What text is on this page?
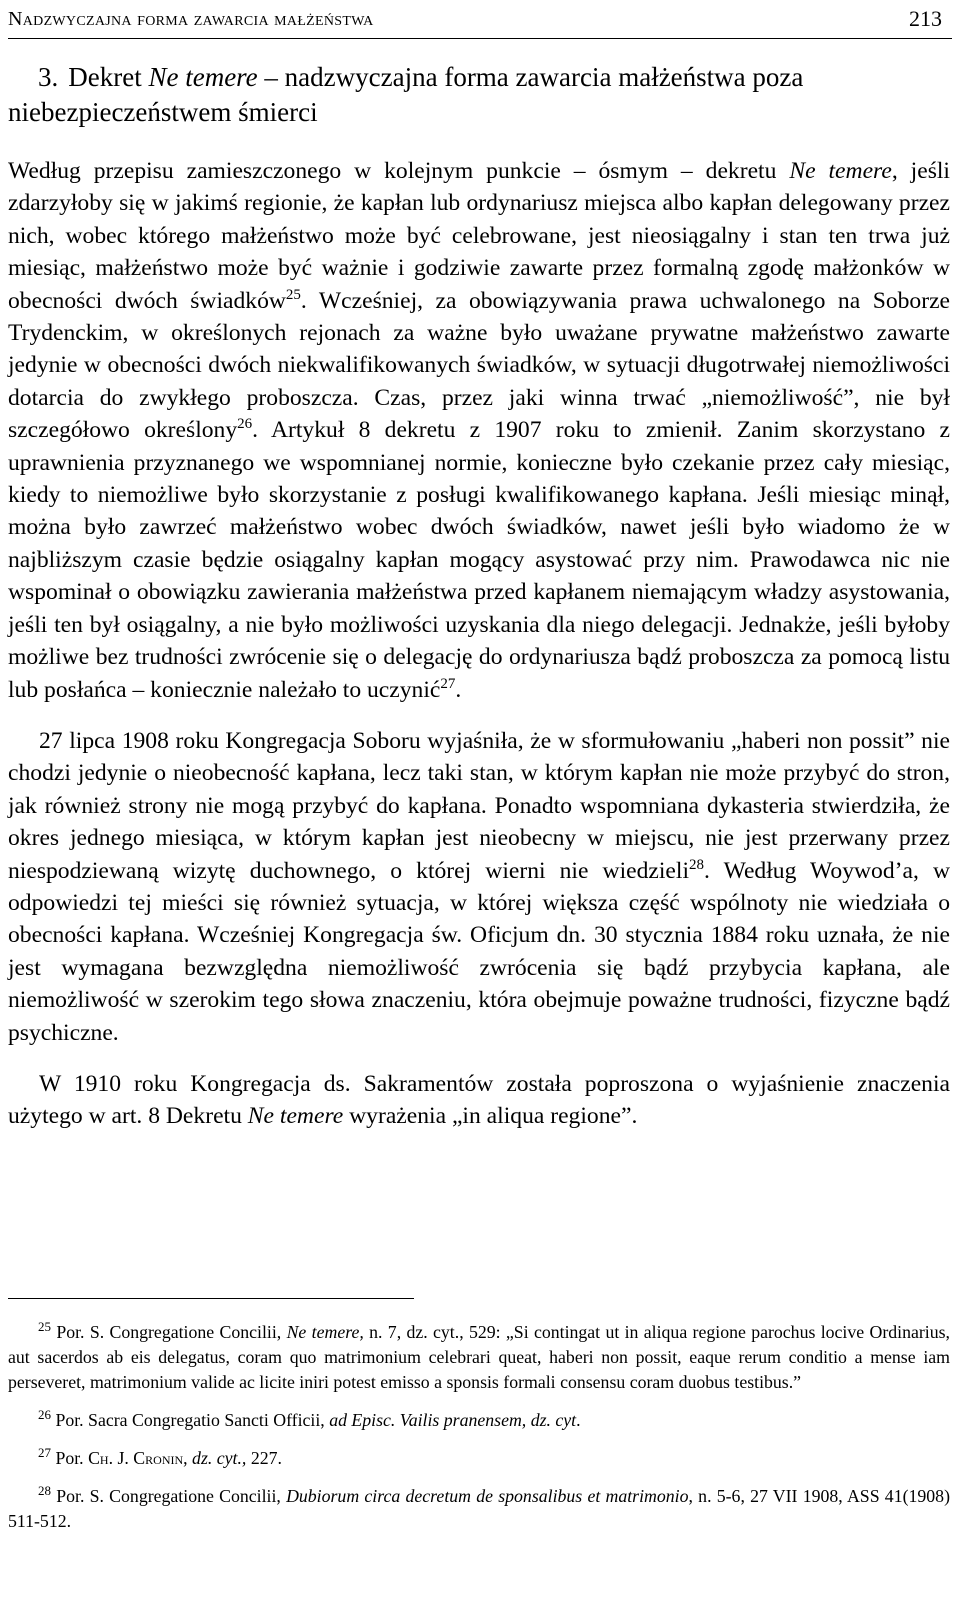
Nadzwyczajna forma zawarcia małżeństwa	213
3. Dekret Ne temere – nadzwyczajna forma zawarcia małżeństwa poza niebezpieczeństwem śmierci

Według przepisu zamieszczonego w kolejnym punkcie – ósmym – dekretu Ne temere, jeśli zdarzyłoby się w jakimś regionie, że kapłan lub ordynariusz miejsca albo kapłan delegowany przez nich, wobec którego małżeństwo może być celebrowane, jest nieosiągalny i stan ten trwa już miesiąc, małżeństwo może być ważnie i godziwie zawarte przez formalną zgodę małżonków w obecności dwóch świadków$^{25}$. Wcześniej, za obowiązywania prawa uchwalonego na Soborze Trydenckim, w określonych rejonach za ważne było uważane prywatne małżeństwo zawarte jedynie w obecności dwóch niekwalifikowanych świadków, w sytuacji długotrwałej niemożliwości dotarcia do zwykłego proboszcza. Czas, przez jaki winna trwać „niemożliwość”, nie był szczegółowo określony$^{26}$. Artykuł 8 dekretu z 1907 roku to zmienił. Zanim skorzystano z uprawnienia przyznanego we wspomnianej normie, konieczne było czekanie przez cały miesiąc, kiedy to niemożliwe było skorzystanie z posługi kwalifikowanego kapłana. Jeśli miesiąc minął, można było zawrzeć małżeństwo wobec dwóch świadków, nawet jeśli było wiadomo że w najbliższym czasie będzie osiągalny kapłan mogący asystować przy nim. Prawodawca nic nie wspominał o obowiązku zawierania małżeństwa przed kapłanem niemającym władzy asystowania, jeśli ten był osiągalny, a nie było możliwości uzyskania dla niego delegacji. Jednakże, jeśli byłoby możliwe bez trudności zwrócenie się o delegację do ordynariusza bądź proboszcza za pomocą listu lub posłańca – koniecznie należało to uczynić$^{27}$.

27 lipca 1908 roku Kongregacja Soboru wyjaśniła, że w sformułowaniu „haberi non possit” nie chodzi jedynie o nieobecność kapłana, lecz taki stan, w którym kapłan nie może przybyć do stron, jak również strony nie mogą przybyć do kapłana. Ponadto wspomniana dykasteria stwierdziła, że okres jednego miesiąca, w którym kapłan jest nieobecny w miejscu, nie jest przerwany przez niespodziewaną wizytę duchownego, o której wierni nie wiedzieli$^{28}$. Według Woywod’a, w odpowiedzi tej mieści się również sytuacja, w której większa część wspólnoty nie wiedziała o obecności kapłana. Wcześniej Kongregacja św. Oficjum dn. 30 stycznia 1884 roku uznała, że nie jest wymagana bezwzględna niemożliwość zwrócenia się bądź przybycia kapłana, ale niemożliwość w szerokim tego słowa znaczeniu, która obejmuje poważne trudności, fizyczne bądź psychiczne.

W 1910 roku Kongregacja ds. Sakramentów została poproszona o wyjaśnienie znaczenia użytego w art. 8 Dekretu Ne temere wyrażenia „in aliqua regione”.

$^{25}$ Por. S. Congregatione Concilii, Ne temere, n. 7, dz. cyt., 529: „Si contingat ut in aliqua regione parochus locive Ordinarius, aut sacerdos ab eis delegatus, coram quo matrimonium celebrari queat, haberi non possit, eaque rerum conditio a mense iam perseveret, matrimonium valide ac licite iniri potest emisso a sponsis formali consensu coram duobus testibus.”

$^{26}$ Por. Sacra Congregatio Sancti Officii, ad Episc. Vailis pranensem, dz. cyt.

$^{27}$ Por. Ch. J. Cronin, dz. cyt., 227.

$^{28}$ Por. S. Congregatione Concilii, Dubiorum circa decretum de sponsalibus et matrimonio, n. 5-6, 27 VII 1908, ASS 41(1908) 511-512.
